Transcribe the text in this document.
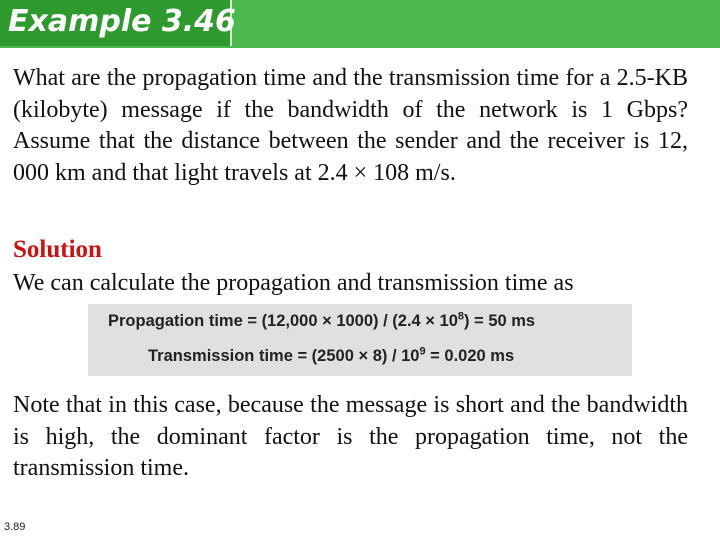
Example 3.46

What are the propagation time and the transmission time for a 2.5-KB (kilobyte) message if the bandwidth of the network is 1 Gbps? Assume that the distance between the sender and the receiver is 12, 000 km and that light travels at 2.4 × 108 m/s.

Solution

We can calculate the propagation and transmission time as

Propagation time = $(12,000 \times 1000) / (2.4 \times 10^8) = 50$ ms
Transmission time = $(2500 \times 8) / 10^9 = 0.020$ ms

Note that in this case, because the message is short and the bandwidth is high, the dominant factor is the propagation time, not the transmission time.

3.89
